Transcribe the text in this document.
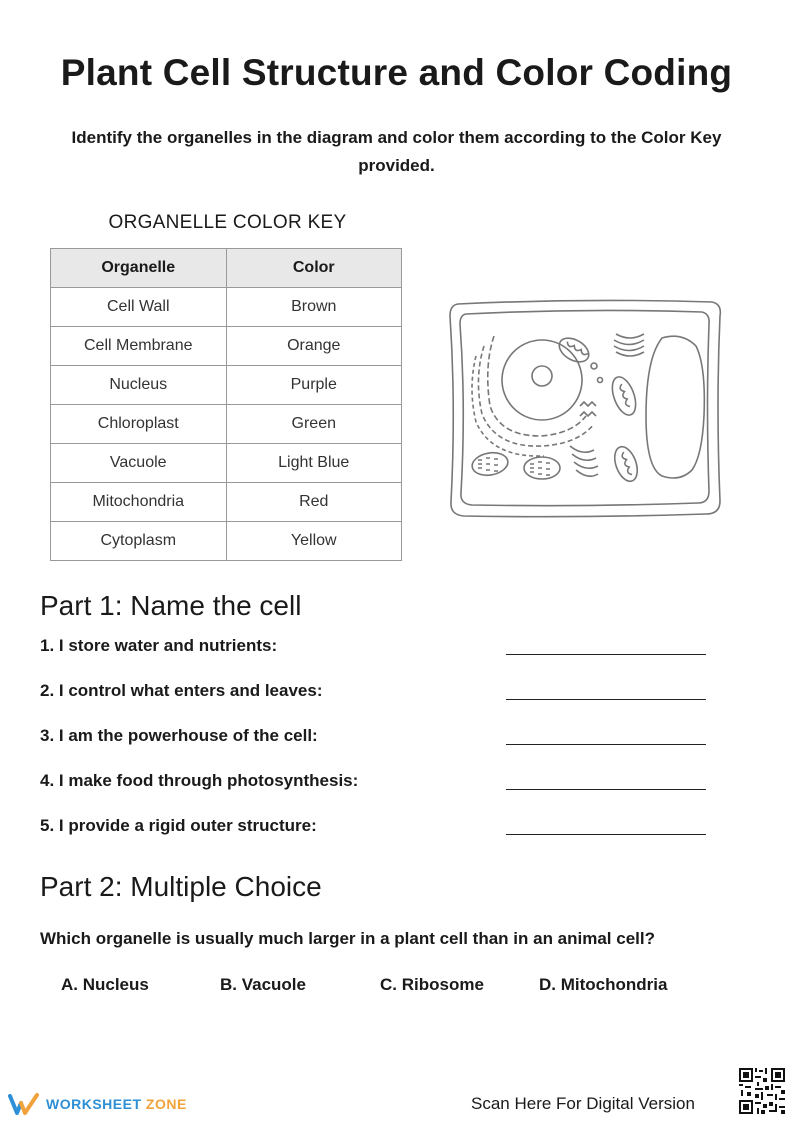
Plant Cell Structure and Color Coding

Identify the organelles in the diagram and color them according to the Color Key provided.

ORGANELLE COLOR KEY
Organelle	Color
Cell Wall	Brown
Cell Membrane	Orange
Nucleus	Purple
Chloroplast	Green
Vacuole	Light Blue
Mitochondria	Red
Cytoplasm	Yellow
Part 1: Name the cell
1. I store water and nutrients:
2. I control what enters and leaves:
3. I am the powerhouse of the cell:
4. I make food through photosynthesis:
5. I provide a rigid outer structure:
Part 2: Multiple Choice
Which organelle is usually much larger in a plant cell than in an animal cell?
A. Nucleus	B. Vacuole	C. Ribosome	D. Mitochondria
WORKSHEET ZONE	Scan Here For Digital Version
